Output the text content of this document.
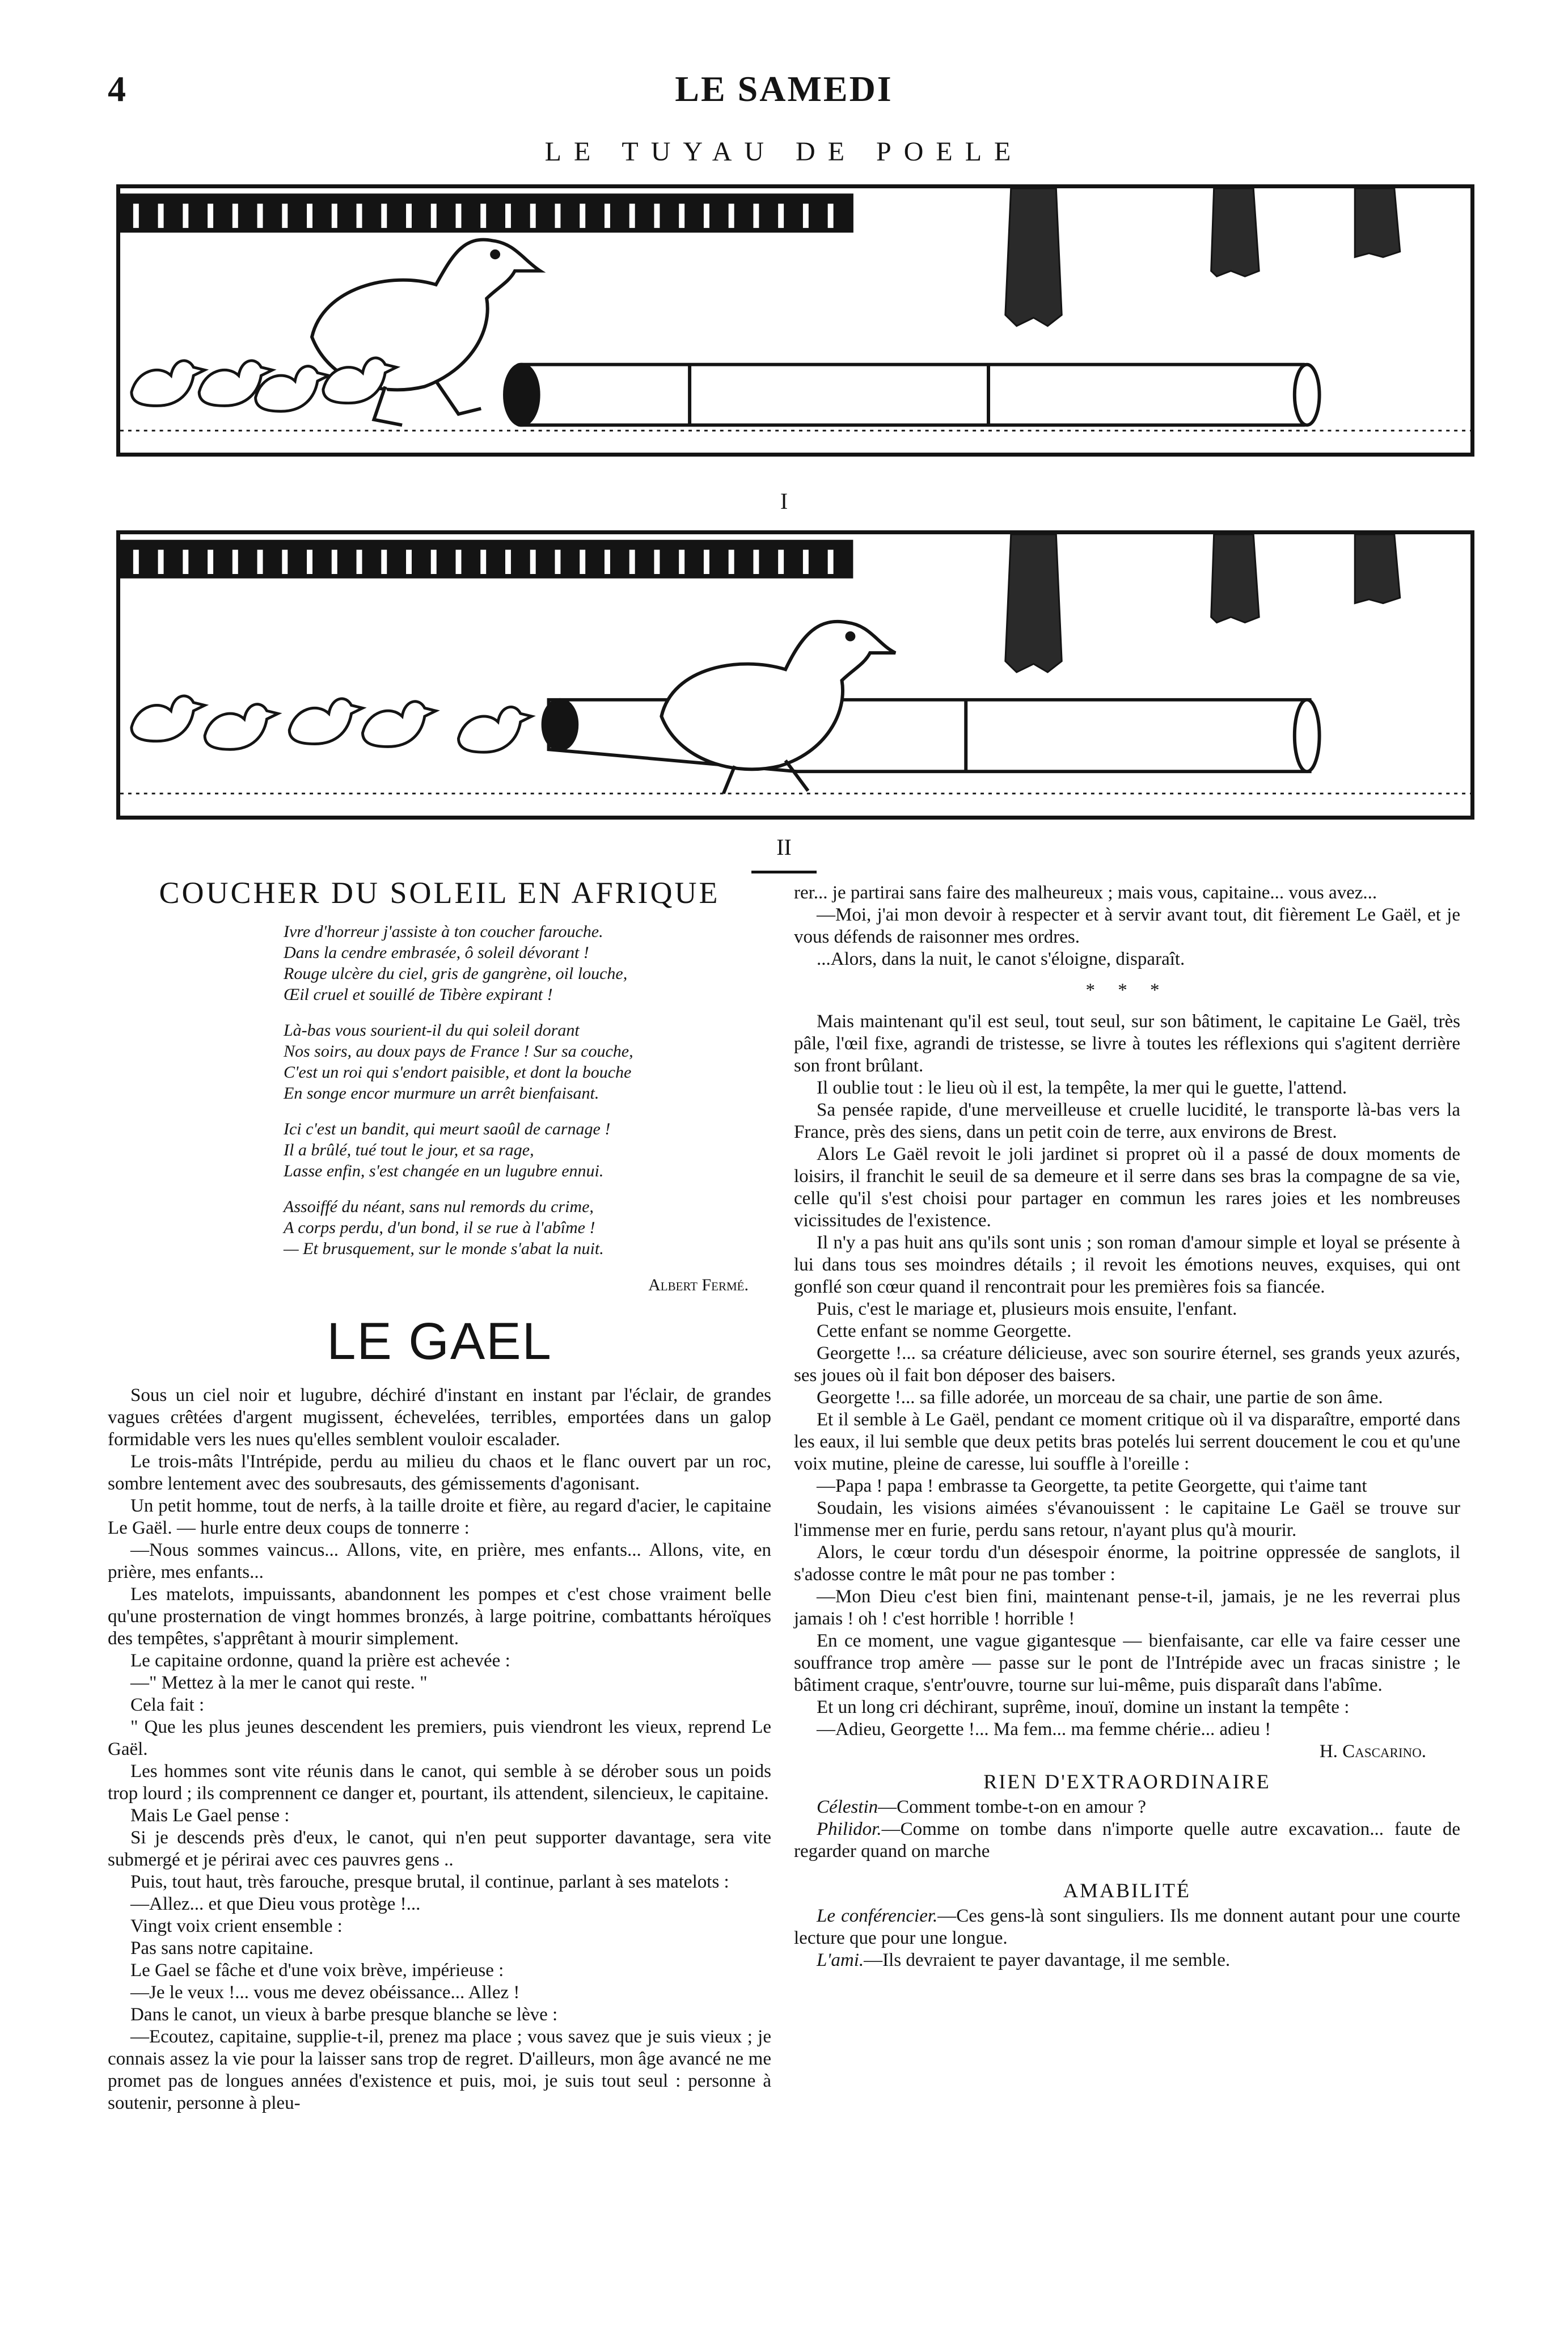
4	LE SAMEDI
LE TUYAU DE POELE
I
II
COUCHER DU SOLEIL EN AFRIQUE
Ivre d'horreur j'assiste à ton coucher farouche.
Dans la cendre embrasée, ô soleil dévorant !
Rouge ulcère du ciel, gris de gangrène, oil louche,
Œil cruel et souillé de Tibère expirant !
Là-bas vous sourient-il du qui soleil dorant
Nos soirs, au doux pays de France ! Sur sa couche,
C'est un roi qui s'endort paisible, et dont la bouche
En songe encor murmure un arrêt bienfaisant.
Ici c'est un bandit, qui meurt saoûl de carnage !
Il a brûlé, tué tout le jour, et sa rage,
Lasse enfin, s'est changée en un lugubre ennui.
Assoiffé du néant, sans nul remords du crime,
A corps perdu, d'un bond, il se rue à l'abîme !
— Et brusquement, sur le monde s'abat la nuit.
Albert Fermé.
LE GAEL

Sous un ciel noir et lugubre, déchiré d'instant en instant par l'éclair, de grandes vagues crêtées d'argent mugissent, échevelées, terribles, emportées dans un galop formidable vers les nues qu'elles semblent vouloir escalader.

Le trois-mâts l'Intrépide, perdu au milieu du chaos et le flanc ouvert par un roc, sombre lentement avec des soubresauts, des gémissements d'agonisant.

Un petit homme, tout de nerfs, à la taille droite et fière, au regard d'acier, le capitaine Le Gaël. — hurle entre deux coups de tonnerre :

—Nous sommes vaincus... Allons, vite, en prière, mes enfants... Allons, vite, en prière, mes enfants...

Les matelots, impuissants, abandonnent les pompes et c'est chose vraiment belle qu'une prosternation de vingt hommes bronzés, à large poitrine, combattants héroïques des tempêtes, s'apprêtant à mourir simplement.

Le capitaine ordonne, quand la prière est achevée :

—" Mettez à la mer le canot qui reste. "

Cela fait :

" Que les plus jeunes descendent les premiers, puis viendront les vieux, reprend Le Gaël.

Les hommes sont vite réunis dans le canot, qui semble à se dérober sous un poids trop lourd ; ils comprennent ce danger et, pourtant, ils attendent, silencieux, le capitaine.

Mais Le Gael pense :

Si je descends près d'eux, le canot, qui n'en peut supporter davantage, sera vite submergé et je périrai avec ces pauvres gens ..

Puis, tout haut, très farouche, presque brutal, il continue, parlant à ses matelots :

—Allez... et que Dieu vous protège !...

Vingt voix crient ensemble :

Pas sans notre capitaine.

Le Gael se fâche et d'une voix brève, impérieuse :

—Je le veux !... vous me devez obéissance... Allez !

Dans le canot, un vieux à barbe presque blanche se lève :

—Ecoutez, capitaine, supplie-t-il, prenez ma place ; vous savez que je suis vieux ; je connais assez la vie pour la laisser sans trop de regret. D'ailleurs, mon âge avancé ne me promet pas de longues années d'existence et puis, moi, je suis tout seul : personne à soutenir, personne à pleu-

rer... je partirai sans faire des malheureux ; mais vous, capitaine... vous avez...

—Moi, j'ai mon devoir à respecter et à servir avant tout, dit fièrement Le Gaël, et je vous défends de raisonner mes ordres.

...Alors, dans la nuit, le canot s'éloigne, disparaît.

* * *

Mais maintenant qu'il est seul, tout seul, sur son bâtiment, le capitaine Le Gaël, très pâle, l'œil fixe, agrandi de tristesse, se livre à toutes les réflexions qui s'agitent derrière son front brûlant.

Il oublie tout : le lieu où il est, la tempête, la mer qui le guette, l'attend.

Sa pensée rapide, d'une merveilleuse et cruelle lucidité, le transporte là-bas vers la France, près des siens, dans un petit coin de terre, aux environs de Brest.

Alors Le Gaël revoit le joli jardinet si propret où il a passé de doux moments de loisirs, il franchit le seuil de sa demeure et il serre dans ses bras la compagne de sa vie, celle qu'il s'est choisi pour partager en commun les rares joies et les nombreuses vicissitudes de l'existence.

Il n'y a pas huit ans qu'ils sont unis ; son roman d'amour simple et loyal se présente à lui dans tous ses moindres détails ; il revoit les émotions neuves, exquises, qui ont gonflé son cœur quand il rencontrait pour les premières fois sa fiancée.

Puis, c'est le mariage et, plusieurs mois ensuite, l'enfant.

Cette enfant se nomme Georgette.

Georgette !... sa créature délicieuse, avec son sourire éternel, ses grands yeux azurés, ses joues où il fait bon déposer des baisers.

Georgette !... sa fille adorée, un morceau de sa chair, une partie de son âme.

Et il semble à Le Gaël, pendant ce moment critique où il va disparaître, emporté dans les eaux, il lui semble que deux petits bras potelés lui serrent doucement le cou et qu'une voix mutine, pleine de caresse, lui souffle à l'oreille :

—Papa ! papa ! embrasse ta Georgette, ta petite Georgette, qui t'aime tant

Soudain, les visions aimées s'évanouissent : le capitaine Le Gaël se trouve sur l'immense mer en furie, perdu sans retour, n'ayant plus qu'à mourir.

Alors, le cœur tordu d'un désespoir énorme, la poitrine oppressée de sanglots, il s'adosse contre le mât pour ne pas tomber :

—Mon Dieu c'est bien fini, maintenant pense-t-il, jamais, je ne les reverrai plus jamais ! oh ! c'est horrible ! horrible !

En ce moment, une vague gigantesque — bienfaisante, car elle va faire cesser une souffrance trop amère — passe sur le pont de l'Intrépide avec un fracas sinistre ; le bâtiment craque, s'entr'ouvre, tourne sur lui-même, puis disparaît dans l'abîme.

Et un long cri déchirant, suprême, inouï, domine un instant la tempête :

—Adieu, Georgette !... Ma fem... ma femme chérie... adieu !

H. Cascarino.
RIEN D'EXTRAORDINAIRE

Célestin—Comment tombe-t-on en amour ?

Philidor.—Comme on tombe dans n'importe quelle autre excavation... faute de regarder quand on marche

AMABILITÉ

Le conférencier.—Ces gens-là sont singuliers. Ils me donnent autant pour une courte lecture que pour une longue.

L'ami.—Ils devraient te payer davantage, il me semble.
